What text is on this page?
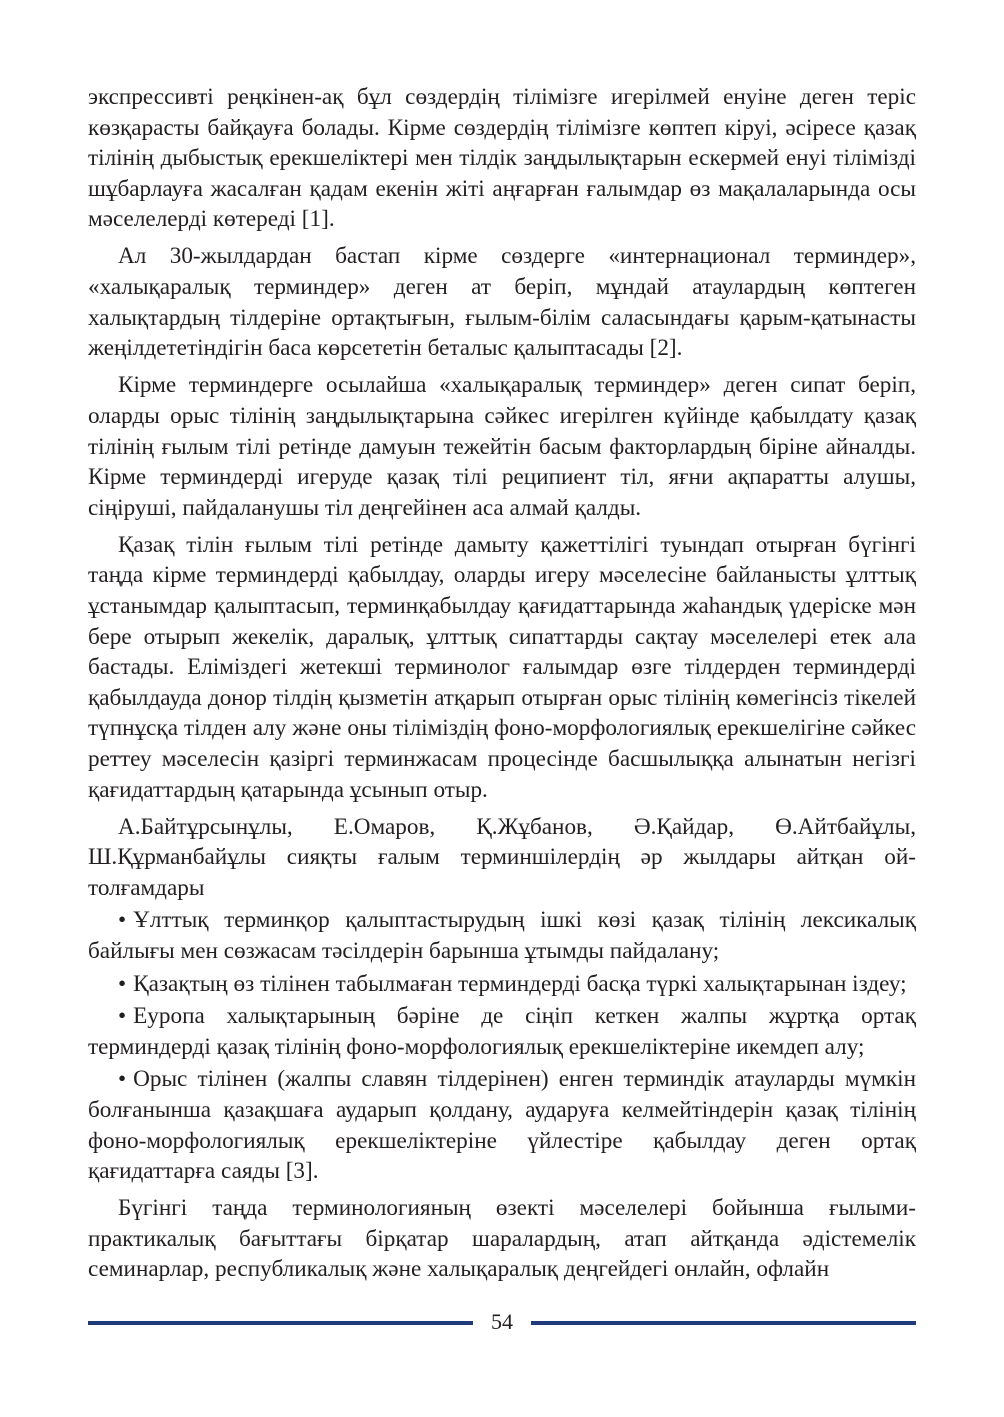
экспрессивті реңкінен-ақ бұл сөздердің тілімізге игерілмей енуіне деген теріс көзқарасты байқауға болады. Кірме сөздердің тілімізге көптеп кіруі, әсіресе қазақ тілінің дыбыстық ерекшеліктері мен тілдік заңдылықтарын ескермей енуі тілімізді шұбарлауға жасалған қадам екенін жіті аңғарған ғалымдар өз мақалаларында осы мәселелерді көтереді [1].

Ал 30-жылдардан бастап кірме сөздерге «интернационал терминдер», «халықаралық терминдер» деген ат беріп, мұндай атаулардың көптеген халықтардың тілдеріне ортақтығын, ғылым-білім саласындағы қарым-қатынасты жеңілдететіндігін баса көрсететін беталыс қалыптасады [2].

Кірме терминдерге осылайша «халықаралық терминдер» деген сипат беріп, оларды орыс тілінің заңдылықтарына сәйкес игерілген күйінде қабылдату қазақ тілінің ғылым тілі ретінде дамуын тежейтін басым факторлардың біріне айналды. Кірме терминдерді игеруде қазақ тілі реципиент тіл, яғни ақпаратты алушы, сіңіруші, пайдаланушы тіл деңгейінен аса алмай қалды.

Қазақ тілін ғылым тілі ретінде дамыту қажеттілігі туындап отырған бүгінгі таңда кірме терминдерді қабылдау, оларды игеру мәселесіне байланысты ұлттық ұстанымдар қалыптасып, терминқабылдау қағидаттарында жаһандық үдеріске мән бере отырып жекелік, даралық, ұлттық сипаттарды сақтау мәселелері етек ала бастады. Еліміздегі жетекші терминолог ғалымдар өзге тілдерден терминдерді қабылдауда донор тілдің қызметін атқарып отырған орыс тілінің көмегінсіз тікелей түпнұсқа тілден алу және оны тіліміздің фоно-морфологиялық ерекшелігіне сәйкес реттеу мәселесін қазіргі терминжасам процесінде басшылыққа алынатын негізгі қағидаттардың қатарында ұсынып отыр.

А.Байтұрсынұлы, Е.Омаров, Қ.Жұбанов, Ә.Қайдар, Ө.Айтбайұлы, Ш.Құрманбайұлы сияқты ғалым терминшілердің әр жылдары айтқан ой-толғамдары

• Ұлттық терминқор қалыптастырудың ішкі көзі қазақ тілінің лексикалық байлығы мен сөзжасам тәсілдерін барынша ұтымды пайдалану;

• Қазақтың өз тілінен табылмаған терминдерді басқа түркі халықтарынан іздеу;

• Еуропа халықтарының бәріне де сіңіп кеткен жалпы жұртқа ортақ терминдерді қазақ тілінің фоно-морфологиялық ерекшеліктеріне икемдеп алу;

• Орыс тілінен (жалпы славян тілдерінен) енген терминдік атауларды мүмкін болғанынша қазақшаға аударып қолдану, аударуға келмейтіндерін қазақ тілінің фоно-морфологиялық ерекшеліктеріне үйлестіре қабылдау деген ортақ қағидаттарға саяды [3].

Бүгінгі таңда терминологияның өзекті мәселелері бойынша ғылыми-практикалық бағыттағы бірқатар шаралардың, атап айтқанда әдістемелік семинарлар, республикалық және халықаралық деңгейдегі онлайн, офлайн

54
